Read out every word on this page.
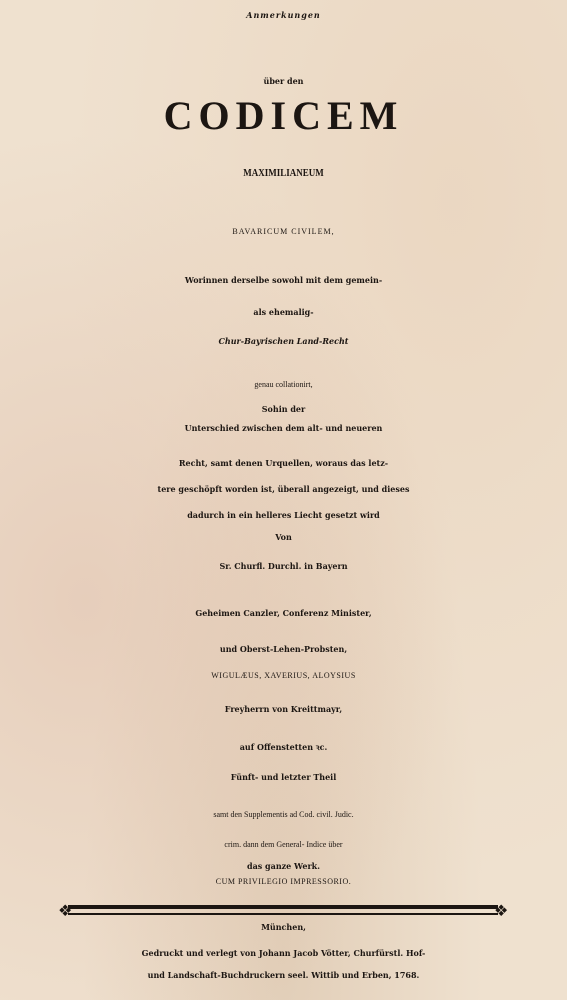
Anmerkungen
über den
CODICEM
MAXIMILIANEUM
BAVARICUM CIVILEM,
Worinnen derselbe sowohl mit dem gemein-
als ehemalig-
Chur-Bayrischen Land-Recht
genau collationirt,
Sohin der
Unterschied zwischen dem alt- und neueren
Recht, samt denen Urquellen, woraus das letz-
tere geschöpft worden ist, überall angezeigt, und dieses
dadurch in ein helleres Liecht gesetzt wird
Von
Sr. Churfl. Durchl. in Bayern
Geheimen Canzler, Conferenz Minister,
und Oberst-Lehen-Probsten,
WIGULÆUS, XAVERIUS, ALOYSIUS
Freyherrn von Kreittmayr,
auf Offenstetten ꝛc.
Fünft- und letzter Theil
samt den Supplementis ad Cod. civil. Judic.
crim. dann dem General- Indice über
das ganze Werk.
CUM PRIVILEGIO IMPRESSORIO.
❖	❖
München,
Gedruckt und verlegt von Johann Jacob Vötter, Churfürstl. Hof-
und Landschaft-Buchdruckern seel. Wittib und Erben, 1768.
